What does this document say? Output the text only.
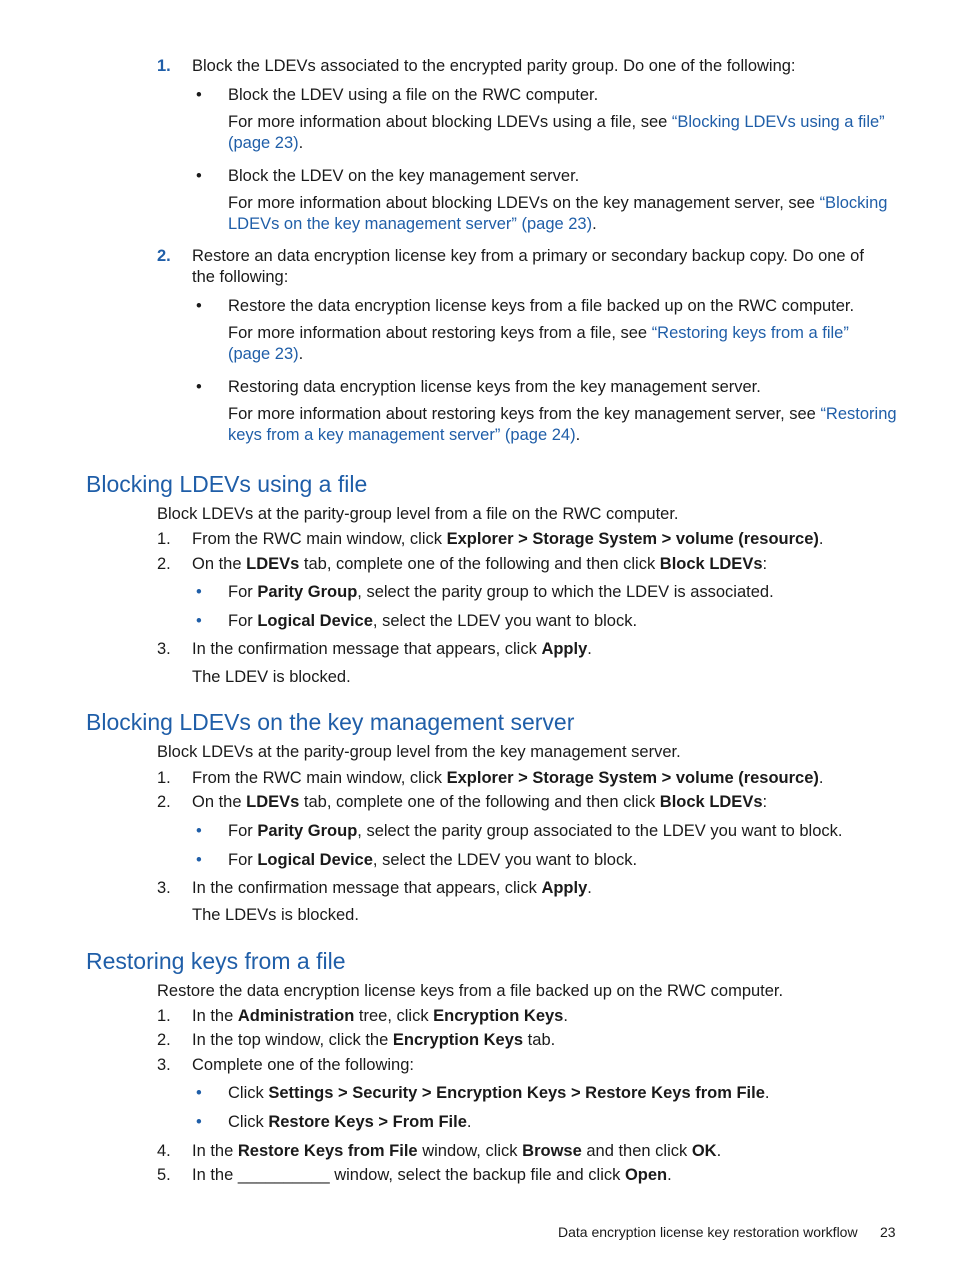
1. Block the LDEVs associated to the encrypted parity group. Do one of the following:
• Block the LDEV using a file on the RWC computer.
For more information about blocking LDEVs using a file, see “Blocking LDEVs using a file”
(page 23).
• Block the LDEV on the key management server.
For more information about blocking LDEVs on the key management server, see “Blocking
LDEVs on the key management server” (page 23).
2. Restore an data encryption license key from a primary or secondary backup copy. Do one of
the following:
• Restore the data encryption license keys from a file backed up on the RWC computer.
For more information about restoring keys from a file, see “Restoring keys from a file”
(page 23).
• Restoring data encryption license keys from the key management server.
For more information about restoring keys from the key management server, see “Restoring
keys from a key management server” (page 24).
Blocking LDEVs using a file
Block LDEVs at the parity-group level from a file on the RWC computer.
1. From the RWC main window, click Explorer > Storage System > volume (resource).
2. On the LDEVs tab, complete one of the following and then click Block LDEVs:
• For Parity Group, select the parity group to which the LDEV is associated.
• For Logical Device, select the LDEV you want to block.
3. In the confirmation message that appears, click Apply.
The LDEV is blocked.
Blocking LDEVs on the key management server
Block LDEVs at the parity-group level from the key management server.
1. From the RWC main window, click Explorer > Storage System > volume (resource).
2. On the LDEVs tab, complete one of the following and then click Block LDEVs:
• For Parity Group, select the parity group associated to the LDEV you want to block.
• For Logical Device, select the LDEV you want to block.
3. In the confirmation message that appears, click Apply.
The LDEVs is blocked.
Restoring keys from a file
Restore the data encryption license keys from a file backed up on the RWC computer.
1. In the Administration tree, click Encryption Keys.
2. In the top window, click the Encryption Keys tab.
3. Complete one of the following:
• Click Settings > Security > Encryption Keys > Restore Keys from File.
• Click Restore Keys > From File.
4. In the Restore Keys from File window, click Browse and then click OK.
5. In the __________ window, select the backup file and click Open.
Data encryption license key restoration workflow 23
